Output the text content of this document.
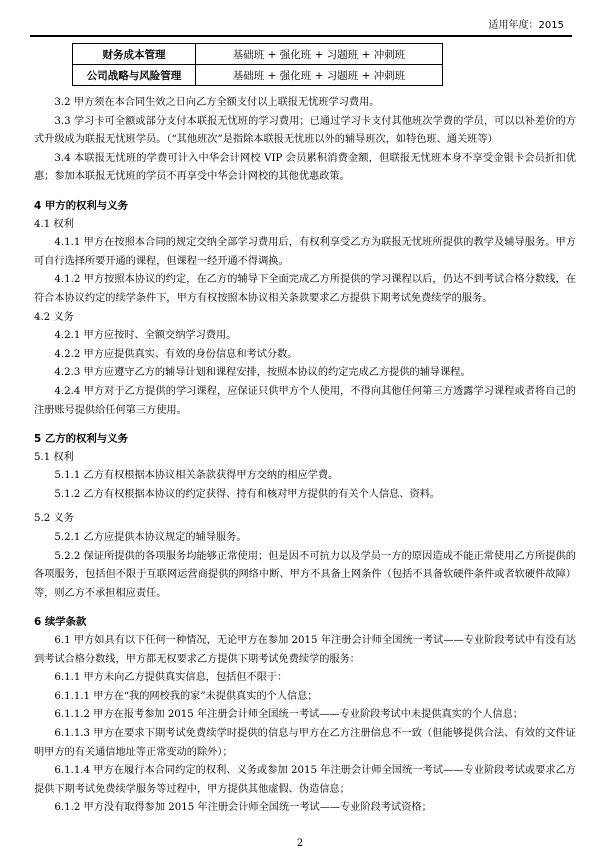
适用年度：2015
财务成本管理	基础班 + 强化班 + 习题班 + 冲刺班
公司战略与风险管理	基础班 + 强化班 + 习题班 + 冲刺班

3.2 甲方须在本合同生效之日向乙方全额支付以上联报无忧班学习费用。

3.3 学习卡可全额或部分支付本联报无忧班的学习费用；已通过学习卡支付其他班次学费的学员，可以以补差价的方式升级成为联报无忧班学员。（“其他班次”是指除本联报无忧班以外的辅导班次，如特色班、通关班等）

3.4 本联报无忧班的学费可计入中华会计网校 VIP 会员累积消费金额，但联报无忧班本身不享受金银卡会员折扣优惠；参加本联报无忧班的学员不再享受中华会计网校的其他优惠政策。

4 甲方的权利与义务

4.1 权利

4.1.1 甲方在按照本合同的规定交纳全部学习费用后，有权利享受乙方为联报无忧班所提供的教学及辅导服务。甲方可自行选择所要开通的课程，但课程一经开通不得调换。

4.1.2 甲方按照本协议的约定，在乙方的辅导下全面完成乙方所提供的学习课程以后，仍达不到考试合格分数线，在符合本协议约定的续学条件下，甲方有权按照本协议相关条款要求乙方提供下期考试免费续学的服务。

4.2 义务

4.2.1 甲方应按时、全额交纳学习费用。

4.2.2 甲方应提供真实、有效的身份信息和考试分数。

4.2.3 甲方应遵守乙方的辅导计划和课程安排，按照本协议的约定完成乙方提供的辅导课程。

4.2.4 甲方对于乙方提供的学习课程，应保证只供甲方个人使用，不得向其他任何第三方透露学习课程或者将自己的注册账号提供给任何第三方使用。

5 乙方的权利与义务

5.1 权利

5.1.1 乙方有权根据本协议相关条款获得甲方交纳的相应学费。

5.1.2 乙方有权根据本协议的约定获得、持有和核对甲方提供的有关个人信息、资料。

5.2 义务

5.2.1 乙方应提供本协议规定的辅导服务。

5.2.2 保证所提供的各项服务均能够正常使用；但是因不可抗力以及学员一方的原因造成不能正常使用乙方所提供的各项服务，包括但不限于互联网运营商提供的网络中断、甲方不具备上网条件（包括不具备软硬件条件或者软硬件故障）等，则乙方不承担相应责任。

6 续学条款

6.1 甲方如具有以下任何一种情况，无论甲方在参加 2015 年注册会计师全国统一考试——专业阶段考试中有没有达到考试合格分数线，甲方都无权要求乙方提供下期考试免费续学的服务：

6.1.1 甲方未向乙方提供真实信息，包括但不限于：

6.1.1.1 甲方在“我的网校我的家”未提供真实的个人信息；

6.1.1.2 甲方在报考参加 2015 年注册会计师全国统一考试——专业阶段考试中未提供真实的个人信息；

6.1.1.3 甲方在要求下期考试免费续学时提供的信息与甲方在乙方注册信息不一致（但能够提供合法、有效的文件证明甲方的有关通信地址等正常变动的除外）；

6.1.1.4 甲方在履行本合同约定的权利、义务或参加 2015 年注册会计师全国统一考试——专业阶段考试或要求乙方提供下期考试免费续学服务等过程中，甲方提供其他虚假、伪造信息；

6.1.2 甲方没有取得参加 2015 年注册会计师全国统一考试——专业阶段考试资格；

2
